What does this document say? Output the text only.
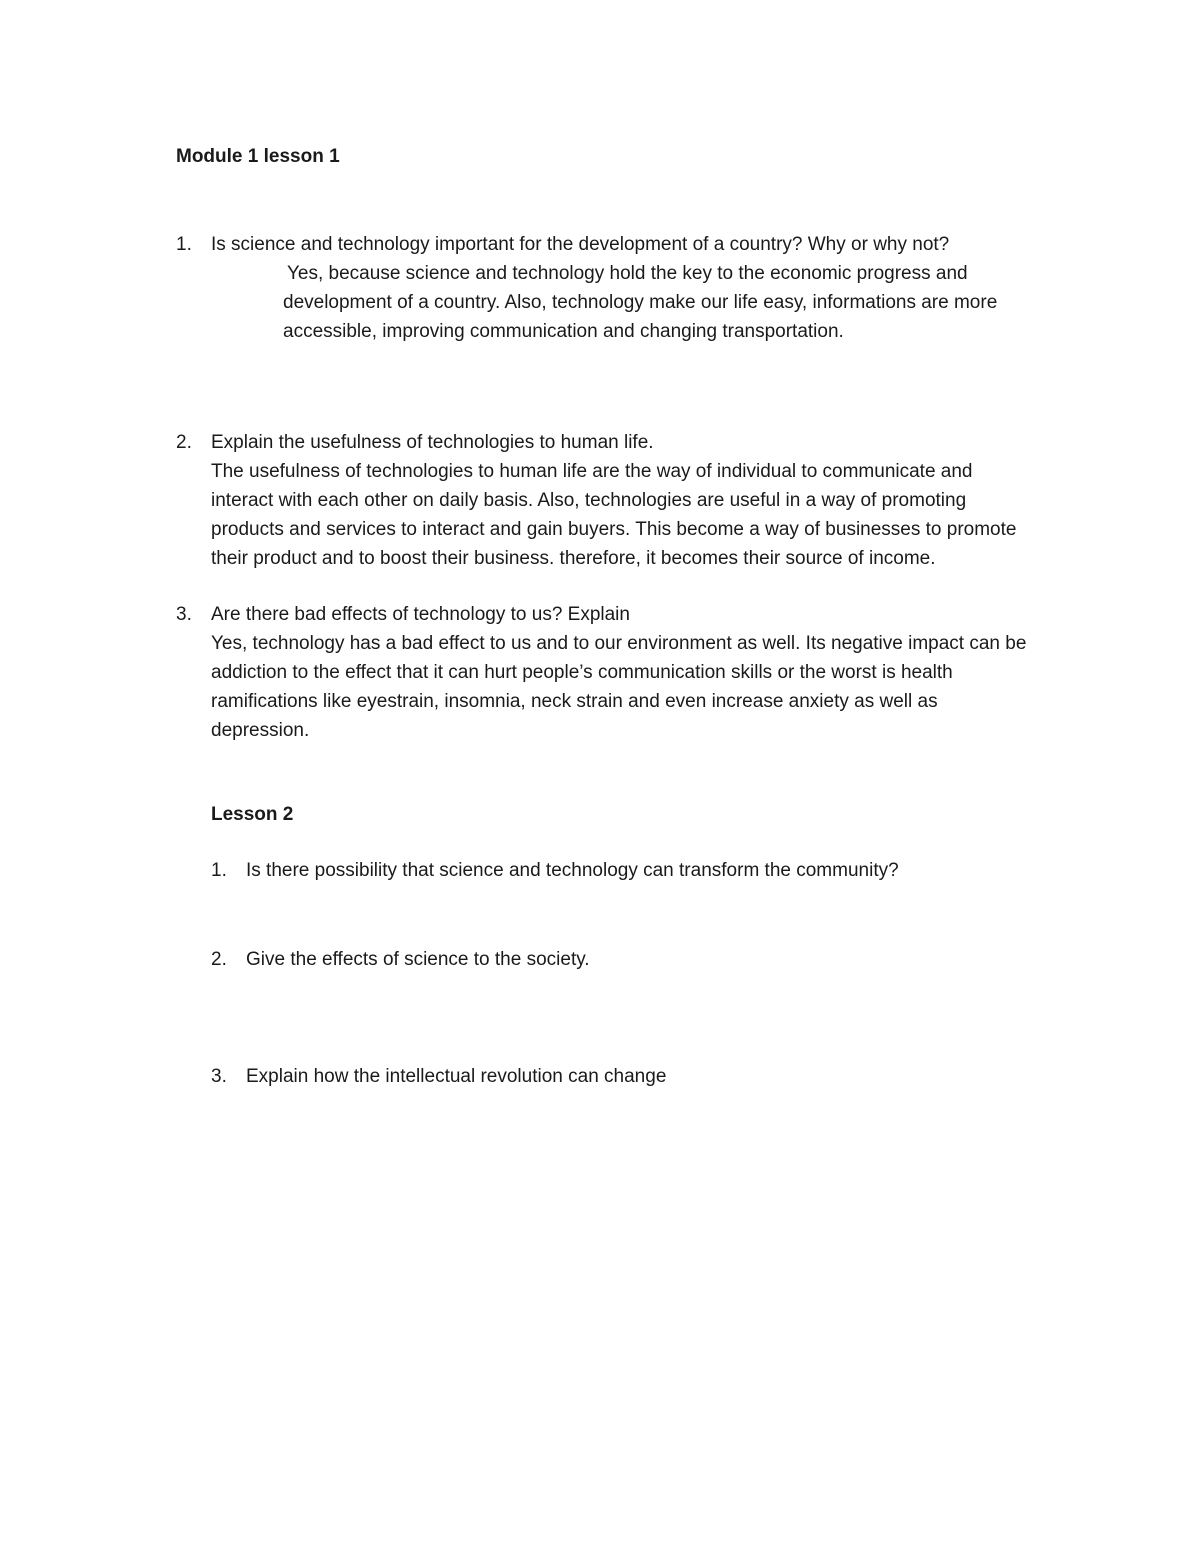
Module 1 lesson 1
1. Is science and technology important for the development of a country? Why or why not?
Yes, because science and technology hold the key to the economic progress and
development of a country. Also, technology make our life easy, informations are more
accessible, improving communication and changing transportation.
2. Explain the usefulness of technologies to human life.
The usefulness of technologies to human life are the way of individual to communicate and
interact with each other on daily basis. Also, technologies are useful in a way of promoting
products and services to interact and gain buyers. This become a way of businesses to promote
their product and to boost their business. therefore, it becomes their source of income.
3. Are there bad effects of technology to us? Explain
Yes, technology has a bad effect to us and to our environment as well. Its negative impact can be
addiction to the effect that it can hurt people’s communication skills or the worst is health
ramifications like eyestrain, insomnia, neck strain and even increase anxiety as well as
depression.
Lesson 2
1. Is there possibility that science and technology can transform the community?
2. Give the effects of science to the society.
3. Explain how the intellectual revolution can change
